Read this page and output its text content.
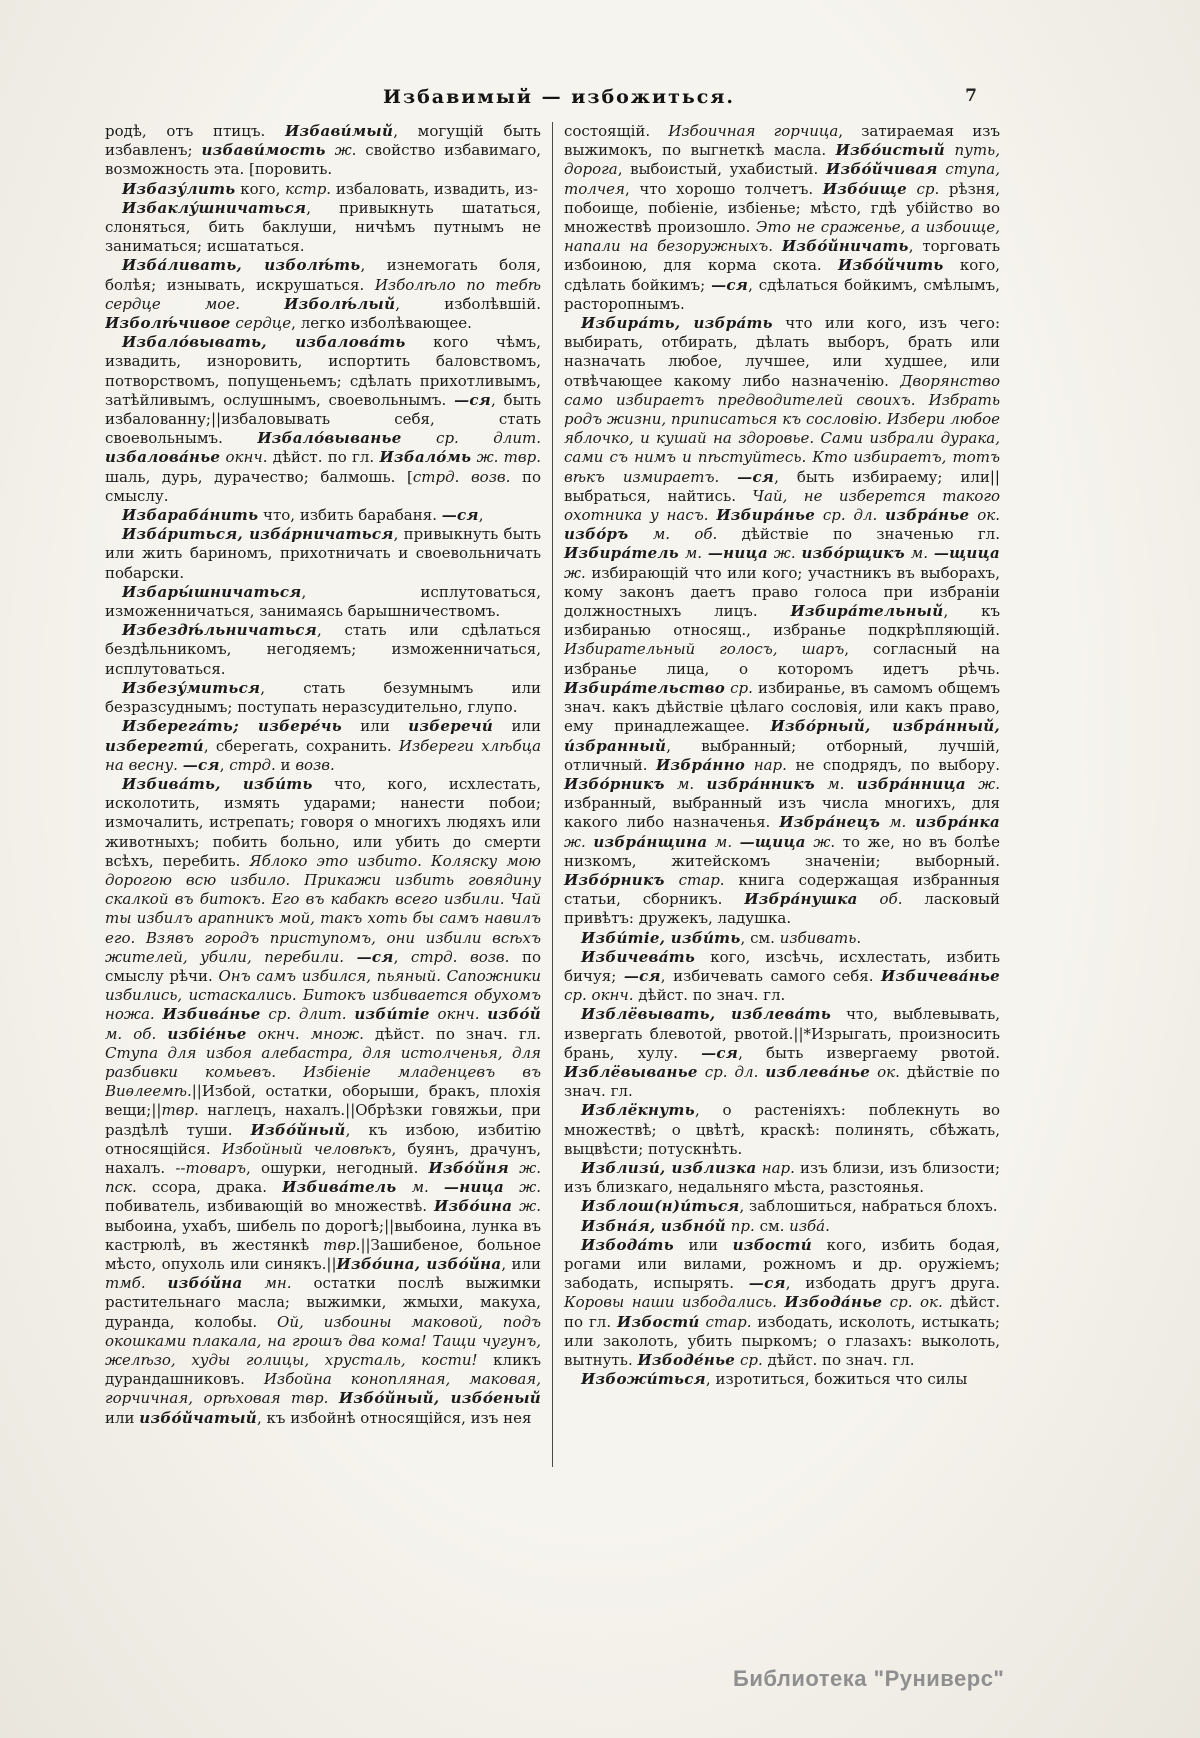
Избавимый — избожиться.	7

родѣ, отъ птицъ. Избави́мый, могущій быть избавленъ; избави́мость ж. свойство избавимаго, возможность эта. [поровить.

Избазу́лить кого, кстр. избаловать, извадить, из-

Избаклу́шничаться, привыкнуть шататься, слоняться, бить баклуши, ничѣмъ путнымъ не заниматься; исшататься.

Изба́ливать, изболѣ́ть, изнемогать боля, болѣя; изнывать, искрушаться. Изболѣло по тебѣ сердце мое.	Изболѣ́лый, изболѣвшій. Изболѣ́чивое сердце, легко изболѣвающее.

Избало́вывать, избалова́ть кого чѣмъ, извадить, изноровить, испортить баловствомъ, потворствомъ, попущеньемъ; сдѣлать прихотливымъ, затѣйливымъ, ослушнымъ, своевольнымъ. —ся, быть избалованну;||избаловывать себя, стать своевольнымъ. Избало́выванье ср. длит. избалова́нье окнч. дѣйст. по гл. Избало́мь ж. твр. шаль, дурь, дурачество; балмошь. [стрд. возв. по смыслу.

Избараба́нить что, избить барабаня. —ся,

Изба́риться, изба́рничаться, привыкнуть быть или жить бариномъ, прихотничать и своевольничать побарски.

Избары́шничаться, исплутоваться, изможенничаться, занимаясь барышничествомъ.

Избездѣ́льничаться, стать или сдѣлаться бездѣльникомъ, негодяемъ; изможенничаться, исплутоваться.

Избезу́миться, стать безумнымъ или безразсуднымъ; поступать неразсудительно, глупо.

Изберега́ть; избере́чь или изберечи́ или изберегти́, сберегать, сохранить. Избереги хлѣбца на весну. —ся, стрд. и возв.

Избива́ть, изби́ть что, кого, исхлестать, исколотить, измять ударами; нанести побои; измочалить, истрепать; говоря о многихъ людяхъ или животныхъ; побить больно, или убить до смерти всѣхъ, перебить. Яблоко это избито. Коляску мою дорогою всю избило. Прикажи избить говядину скалкой въ битокъ. Его въ кабакѣ всего избили. Чай ты избилъ арапникъ мой, такъ хоть бы самъ навилъ его. Взявъ городъ приступомъ, они избили всѣхъ жителей, убили, перебили. —ся, стрд. возв. по смыслу рѣчи. Онъ самъ избился, пьяный. Сапожники избились, истаскались. Битокъ избивается обухомъ ножа. Избива́нье ср. длит. изби́тіе окнч. избо́й м. об. избіе́нье окнч. множ. дѣйст. по знач. гл. Ступа для избоя алебастра, для истолченья, для разбивки комьевъ. Избіеніе младенцевъ въ Виѳлеемѣ.||Избой, остатки, оборыши, бракъ, плохія вещи;||твр. наглецъ, нахалъ.||Обрѣзки говяжьи, при раздѣлѣ туши. Избо́йный, къ избою, избитію относящійся. Избойный человѣкъ, буянъ, драчунъ, нахалъ. --товаръ, ошурки, негодный. Избо́йня ж. пск. ссора, драка. Избива́тель м. —ница ж. побиватель, избивающій во множествѣ. Избо́ина ж. выбоина, ухабъ, шибель по дорогѣ;||выбоина, лунка въ кастрюлѣ, въ жестянкѣ твр.||Зашибеное, больное мѣсто, опухоль или синякъ.||Избо́ина, избо́йна, или тмб. избо́йна мн. остатки послѣ выжимки растительнаго масла; выжимки, жмыхи, макуха, дуранда, колобы. Ой, избоины маковой, подъ окошками плакала, на грошъ два кома! Тащи чугунъ, желѣзо, худы голицы, хрусталь, кости! кликъ дурандашниковъ. Избойна конопляная, маковая, горчичная, орѣховая твр. Избо́йный, избо́еный или избо́йчатый, къ избойнѣ относящійся, изъ нея

состоящій. Избоичная горчица, затираемая изъ выжимокъ, по выгнеткѣ масла. Избо́истый путь, дорога, выбоистый, ухабистый. Избо́йчивая ступа, толчея, что хорошо толчетъ. Избо́ище ср. рѣзня, побоище, побіеніе, избіенье; мѣсто, гдѣ убійство во множествѣ произошло. Это не сраженье, а избоище, напали на безоружныхъ. Избо́йничать, торговать избоиною, для корма скота. Избо́йчить кого, сдѣлать бойкимъ; —ся, сдѣлаться бойкимъ, смѣлымъ, расторопнымъ.

Избира́ть, избра́ть что или кого, изъ чего: выбирать, отбирать, дѣлать выборъ, брать или назначать любое, лучшее, или худшее, или отвѣчающее какому либо назначенію. Дворянство само избираетъ предводителей своихъ. Избрать родъ жизни, приписаться къ сословію. Избери любое яблочко, и кушай на здоровье. Сами избрали дурака, сами съ нимъ и пѣстуйтесь. Кто избираетъ, тотъ вѣкъ измираетъ. —ся, быть избираему; или||выбраться, найтись. Чай, не изберется такого охотника у насъ. Избира́нье ср. дл. избра́нье ок. избо́ръ м. об. дѣйствіе по значенью гл. Избира́тель м. —ница ж. избо́рщикъ м. —щица ж. избирающій что или кого; участникъ въ выборахъ, кому законъ даетъ право голоса при избраніи должностныхъ лицъ. Избира́тельный, къ избиранью относящ., избранье подкрѣпляющій. Избирательный голосъ, шаръ, согласный на избранье лица, о которомъ идетъ рѣчь. Избира́тельство ср. избиранье, въ самомъ общемъ знач. какъ дѣйствіе цѣлаго сословія, или какъ право, ему принадлежащее. Избо́рный, избра́нный, и́збранный, выбранный; отборный, лучшій, отличный. Избра́нно нар. не сподрядъ, по выбору. Избо́рникъ м. избра́нникъ м. избра́нница ж. избранный, выбранный изъ числа многихъ, для какого либо назначенья. Избра́нецъ м. избра́нка ж. избра́нщина м. —щица ж. то же, но въ болѣе низкомъ, житейскомъ значеніи; выборный. Избо́рникъ стар. книга содержащая избранныя статьи, сборникъ. Избра́нушка об. ласковый привѣтъ: дружекъ, ладушка.

Изби́тіе, изби́ть, см. избивать.

Избичева́ть кого, изсѣчь, исхлестать, избить бичуя; —ся, избичевать самого себя. Избичева́нье ср. окнч. дѣйст. по знач. гл.

Изблёвывать, изблева́ть что, выблевывать, извергать блевотой, рвотой.||*Изрыгать, произносить брань, хулу. —ся, быть извергаему рвотой. Изблёвыванье ср. дл. изблева́нье ок. дѣйствіе по знач. гл.

Изблёкнуть, о растеніяхъ: поблекнуть во множествѣ; о цвѣтѣ, краскѣ: полинять, сбѣжать, выцвѣсти; потускнѣть.

Изблизи́, изблизка нар. изъ близи, изъ близости; изъ близкаго, недальняго мѣста, разстоянья.

Изблош(н)и́ться, заблошиться, набраться блохъ.

Избна́я, избно́й пр. см. изба́.

Избода́ть или избости́ кого, избить бодая, рогами или вилами, рожномъ и др. оружіемъ; забодать, испырять. —ся, избодать другъ друга. Коровы наши избодались. Избода́нье ср. ок. дѣйст. по гл. Избости́ стар. избодать, исколоть, истыкать; или заколоть, убить пыркомъ; о глазахъ: выколоть, вытнуть. Избоде́нье ср. дѣйст. по знач. гл.

Избожи́ться, изротиться, божиться что силы

Библиотека "Руниверс"
